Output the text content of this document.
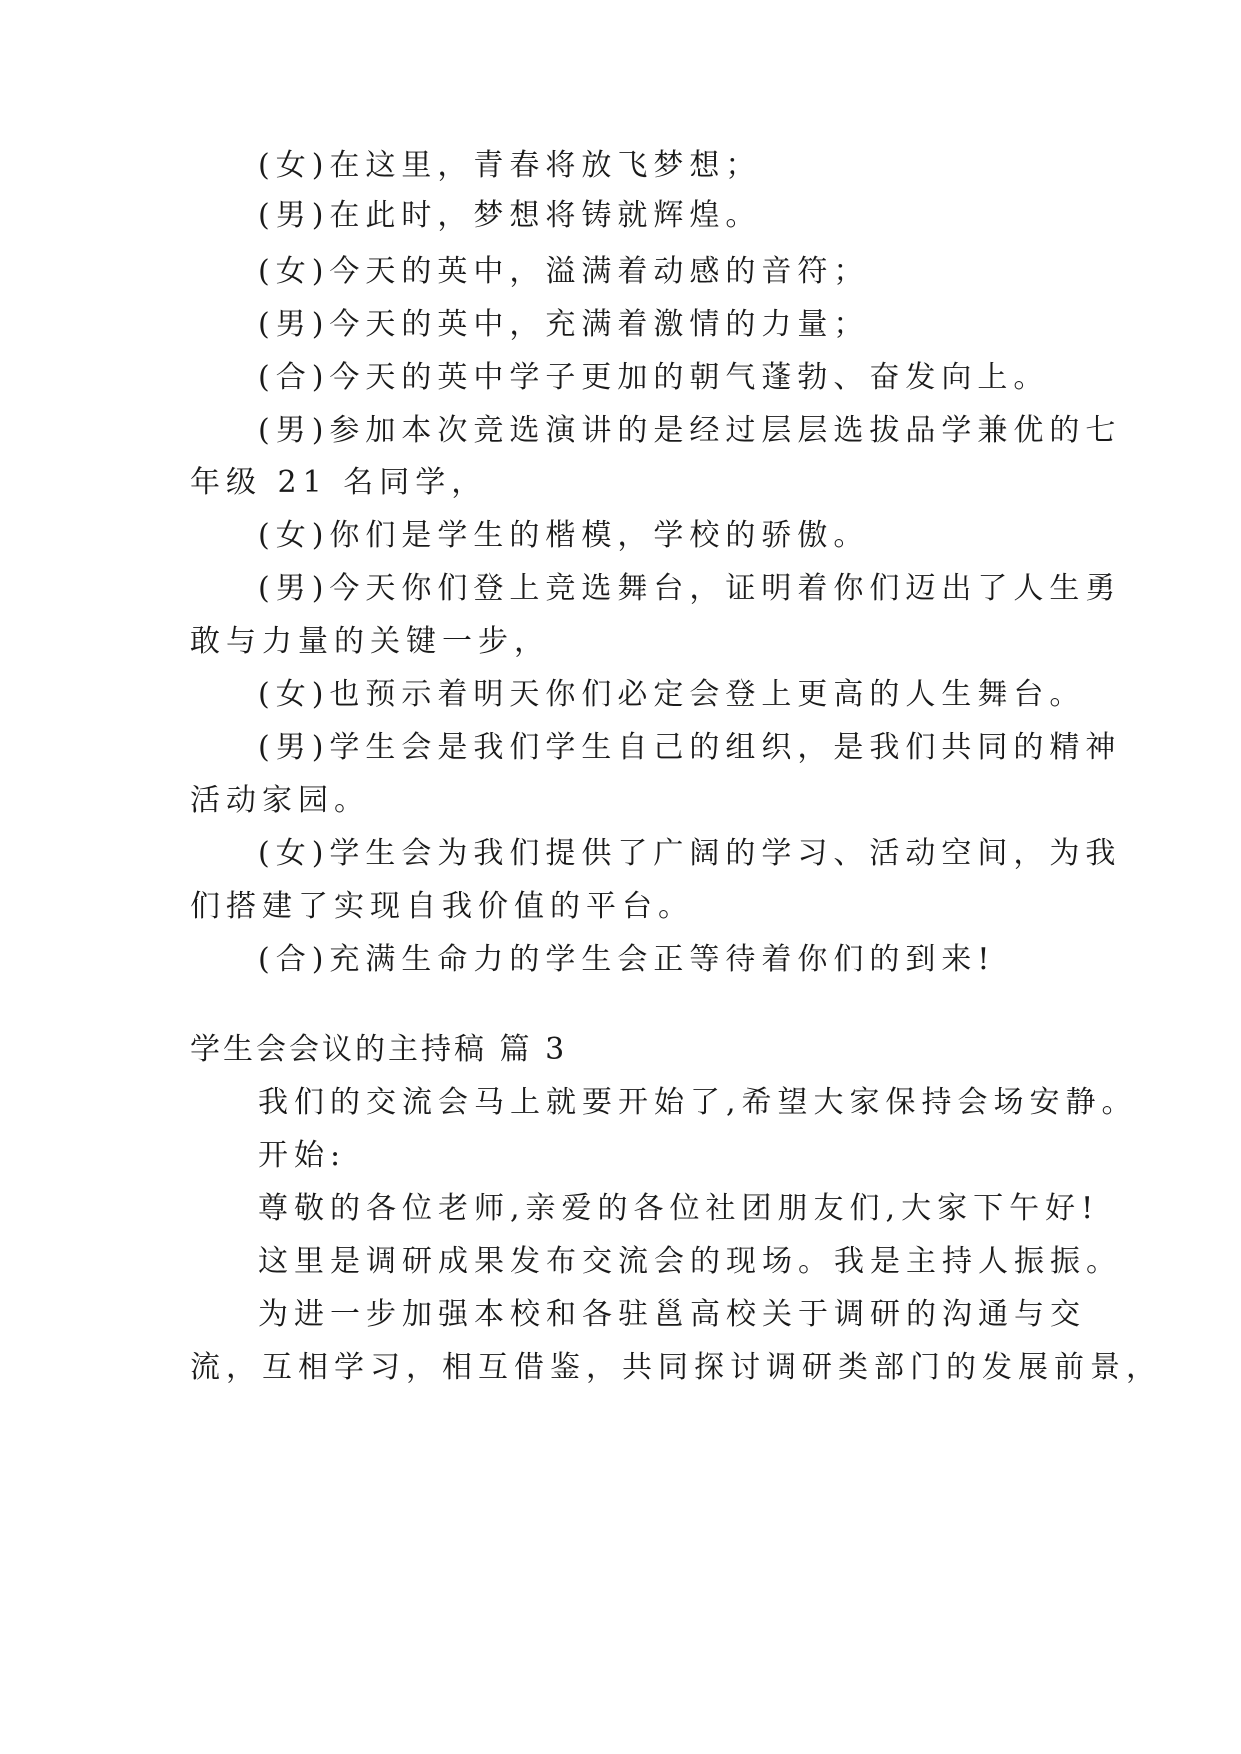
(女)在这里，青春将放飞梦想；
(男)在此时，梦想将铸就辉煌。
(女)今天的英中，溢满着动感的音符；
(男)今天的英中，充满着激情的力量；
(合)今天的英中学子更加的朝气蓬勃、奋发向上。
(男)参加本次竞选演讲的是经过层层选拔品学兼优的七
年级 21 名同学，
(女)你们是学生的楷模，学校的骄傲。
(男)今天你们登上竞选舞台，证明着你们迈出了人生勇
敢与力量的关键一步，
(女)也预示着明天你们必定会登上更高的人生舞台。
(男)学生会是我们学生自己的组织，是我们共同的精神
活动家园。
(女)学生会为我们提供了广阔的学习、活动空间，为我
们搭建了实现自我价值的平台。
(合)充满生命力的学生会正等待着你们的到来!
学生会会议的主持稿 篇 3
我们的交流会马上就要开始了,希望大家保持会场安静。
开始:
尊敬的各位老师,亲爱的各位社团朋友们,大家下午好!
这里是调研成果发布交流会的现场。我是主持人振振。
为进一步加强本校和各驻邕高校关于调研的沟通与交
流，互相学习，相互借鉴，共同探讨调研类部门的发展前景，
